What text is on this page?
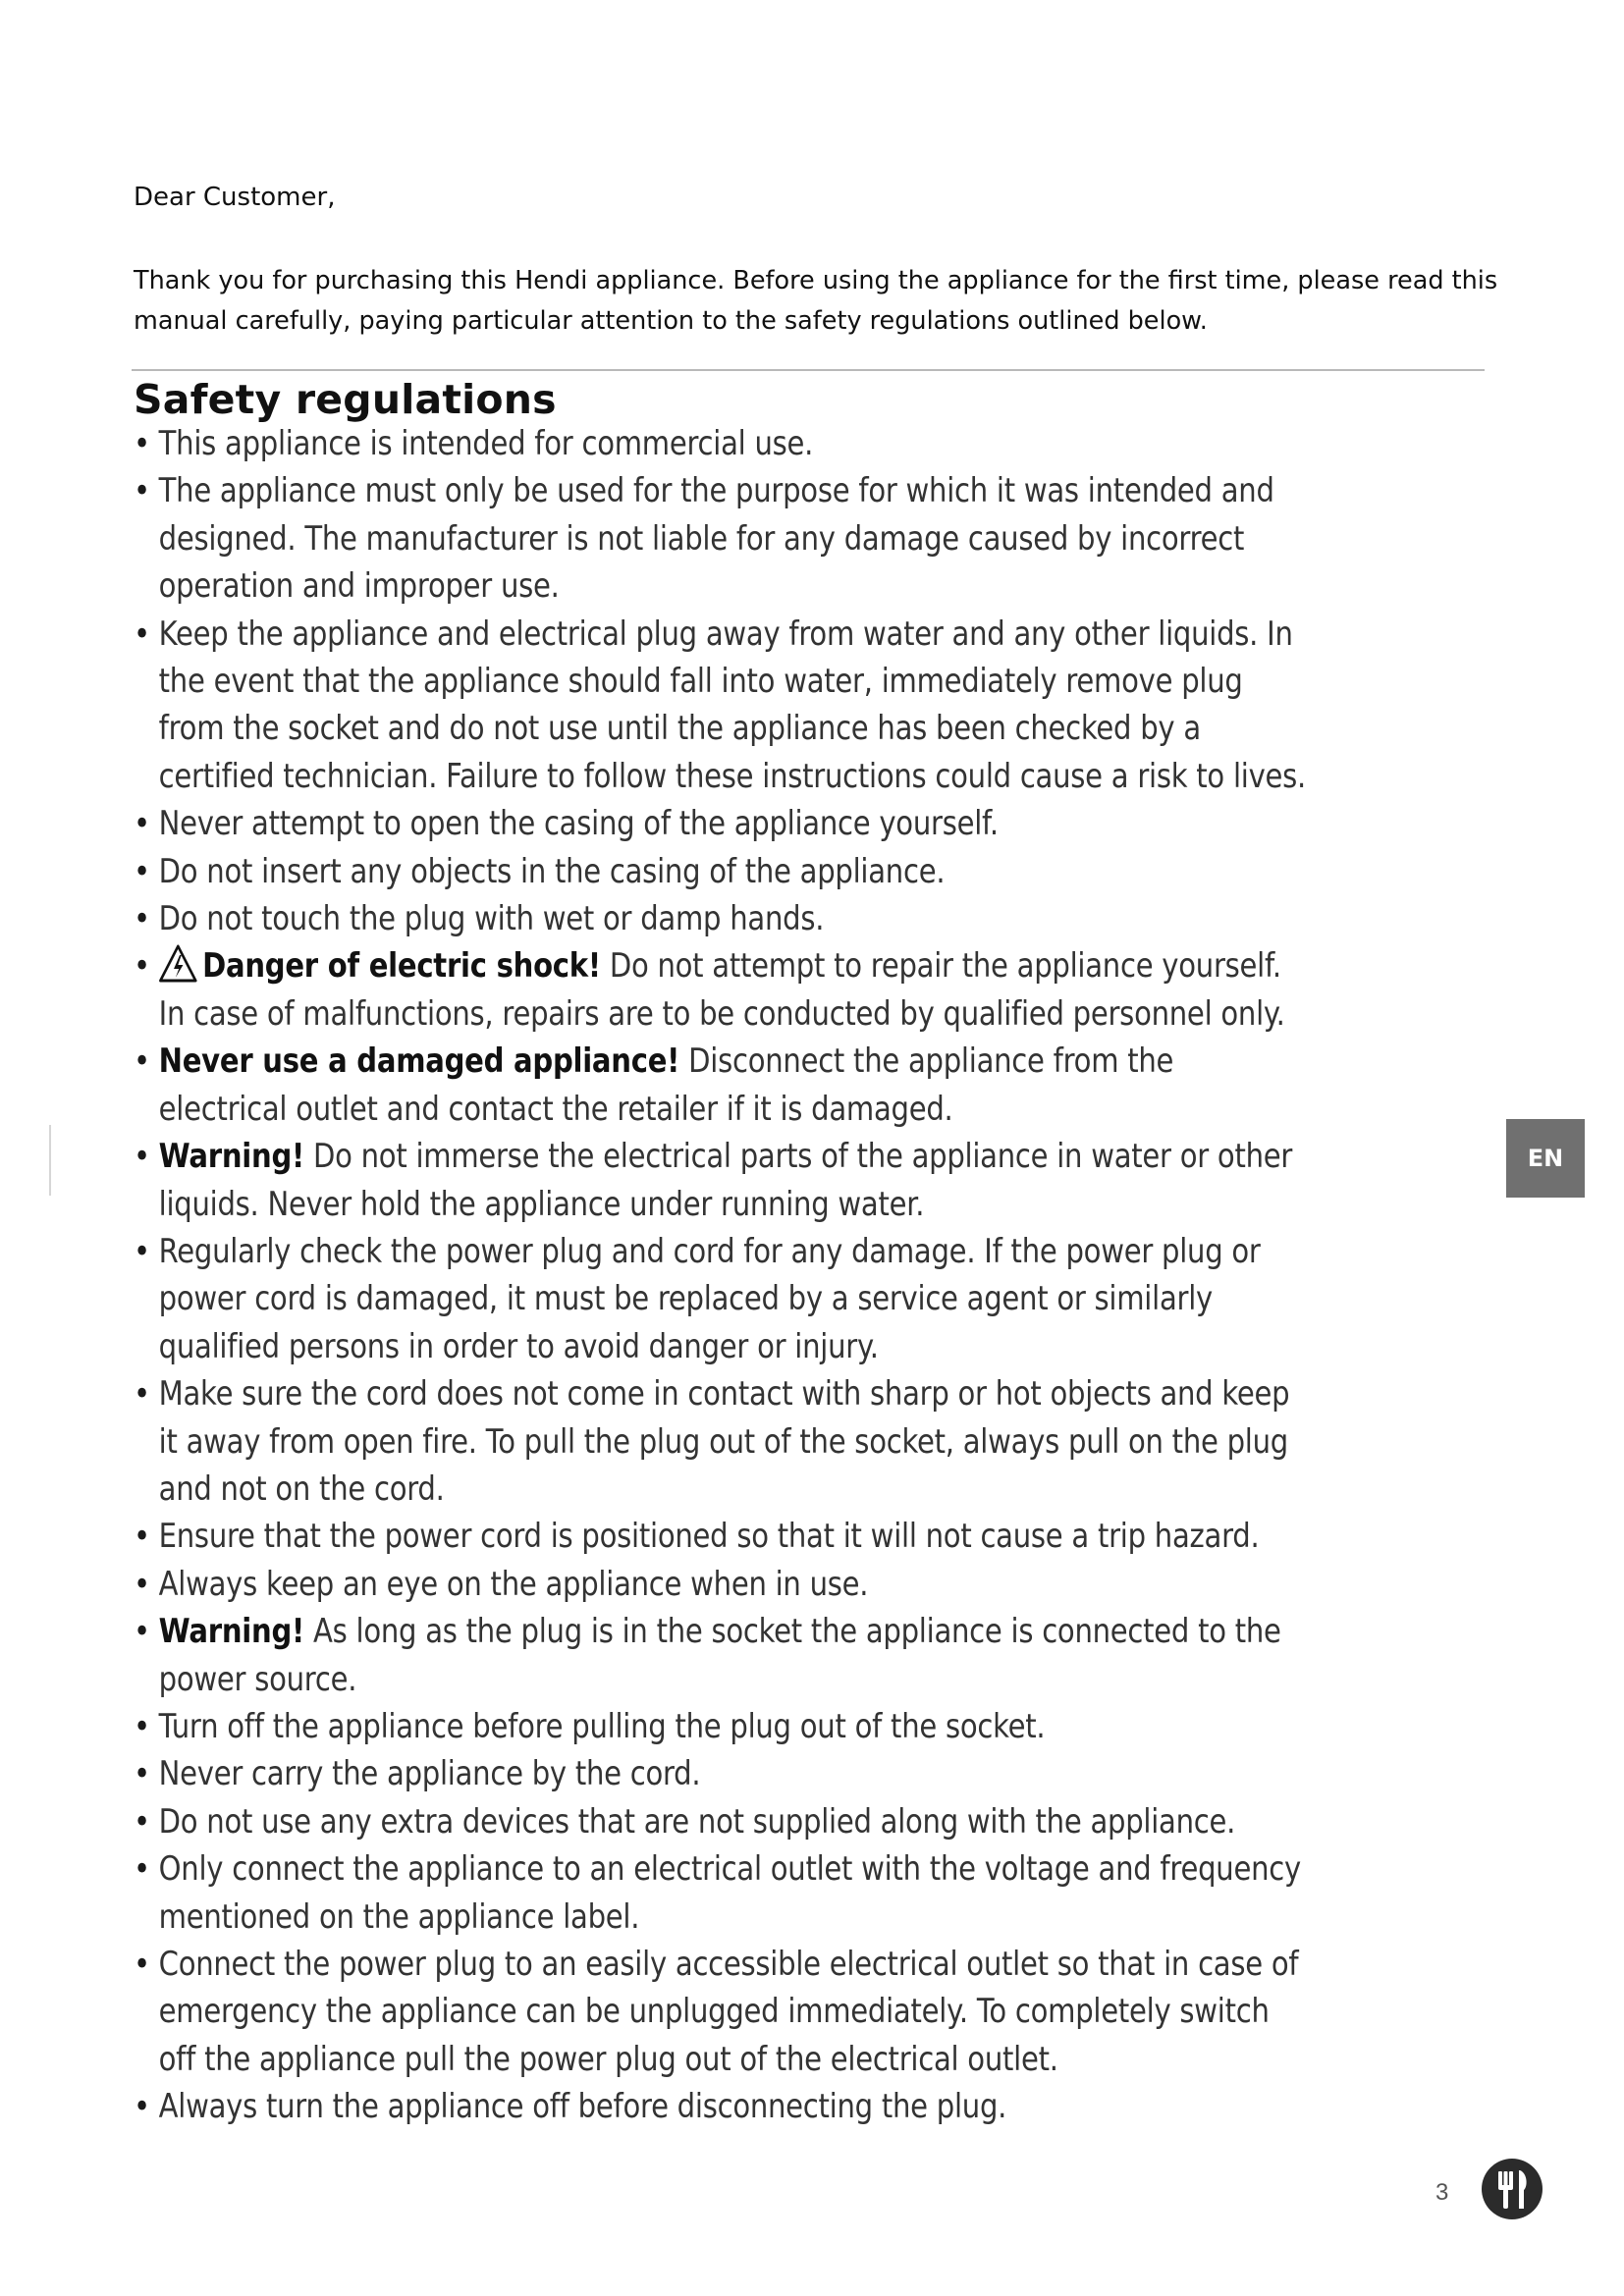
Dear Customer,

Thank you for purchasing this Hendi appliance. Before using the appliance for the first time, please read this manual carefully, paying particular attention to the safety regulations outlined below.

Safety regulations
• This appliance is intended for commercial use.
• The appliance must only be used for the purpose for which it was intended and designed. The manufacturer is not liable for any damage caused by incorrect operation and improper use.
• Keep the appliance and electrical plug away from water and any other liquids. In the event that the appliance should fall into water, immediately remove plug from the socket and do not use until the appliance has been checked by a certified technician. Failure to follow these instructions could cause a risk to lives.
• Never attempt to open the casing of the appliance yourself.
• Do not insert any objects in the casing of the appliance.
• Do not touch the plug with wet or damp hands.
• Danger of electric shock! Do not attempt to repair the appliance yourself. In case of malfunctions, repairs are to be conducted by qualified personnel only.
• Never use a damaged appliance! Disconnect the appliance from the electrical outlet and contact the retailer if it is damaged.
• Warning! Do not immerse the electrical parts of the appliance in water or other liquids. Never hold the appliance under running water.
• Regularly check the power plug and cord for any damage. If the power plug or power cord is damaged, it must be replaced by a service agent or similarly qualified persons in order to avoid danger or injury.
• Make sure the cord does not come in contact with sharp or hot objects and keep it away from open fire. To pull the plug out of the socket, always pull on the plug and not on the cord.
• Ensure that the power cord is positioned so that it will not cause a trip hazard.
• Always keep an eye on the appliance when in use.
• Warning! As long as the plug is in the socket the appliance is connected to the power source.
• Turn off the appliance before pulling the plug out of the socket.
• Never carry the appliance by the cord.
• Do not use any extra devices that are not supplied along with the appliance.
• Only connect the appliance to an electrical outlet with the voltage and frequency mentioned on the appliance label.
• Connect the power plug to an easily accessible electrical outlet so that in case of emergency the appliance can be unplugged immediately. To completely switch off the appliance pull the power plug out of the electrical outlet.
• Always turn the appliance off before disconnecting the plug.
EN
3
